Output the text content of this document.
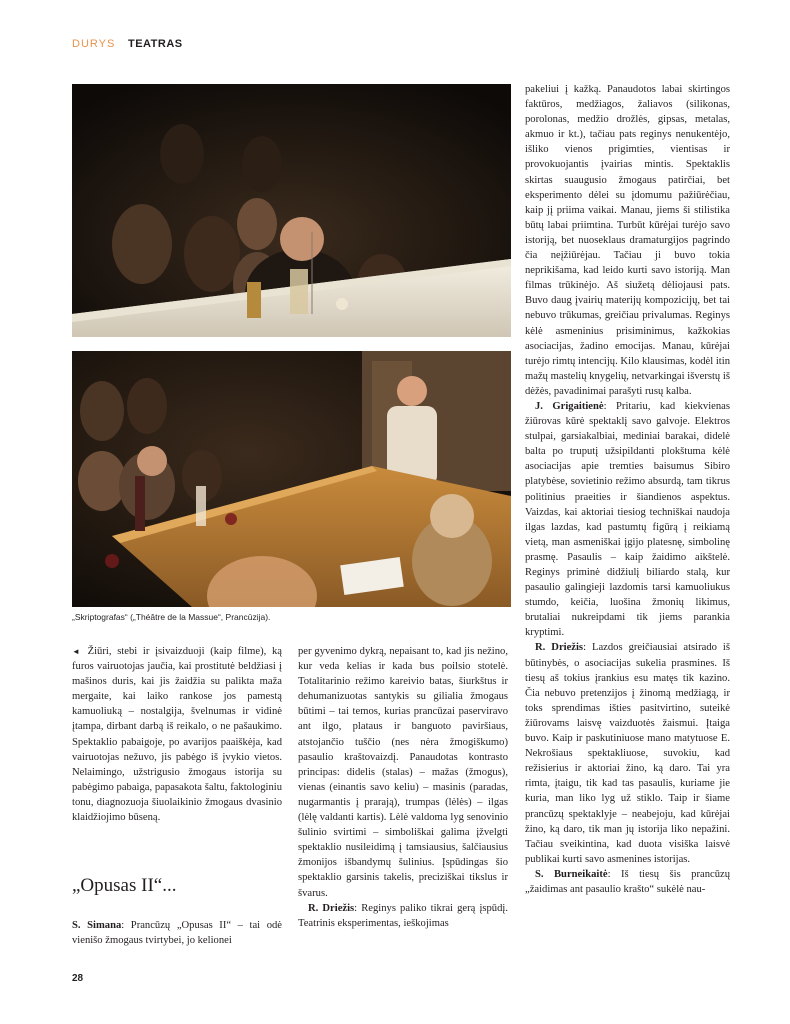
DURYS TEATRAS
„Skriptografas“ („Théâtre de la Massue“, Prancūzija).

◄ Žiūri, stebi ir įsivaizduoji (kaip filme), ką furos vairuotojas jaučia, kai prostitutė beldžiasi į mašinos duris, kai jis žaidžia su palikta maža mergaite, kai laiko rankose jos pamestą kamuoliuką – nostalgija, švelnumas ir vidinė įtampa, dirbant darbą iš reikalo, o ne pašaukimo. Spektaklio pabaigoje, po avarijos paaiškėja, kad vairuotojas nežuvo, jis pabėgo iš įvykio vietos. Nelaimingo, užstrigusio žmogaus istorija su pabėgimo pabaiga, papasakota šaltu, faktologiniu tonu, diagnozuoja šiuolaikinio žmogaus dvasinio klaidžiojimo būseną.

„Opusas II“...

S. Simana: Prancūzų „Opusas II“ – tai odė vienišo žmogaus tvirtybei, jo kelionei

per gyvenimo dykrą, nepaisant to, kad jis nežino, kur veda kelias ir kada bus poilsio stotelė. Totalitarinio režimo kareivio batas, šiurkštus ir dehumanizuotas santykis su gilialia žmogaus būtimi – tai temos, kurias prancūzai paserviravo ant ilgo, plataus ir banguoto paviršiaus, atstojančio tuščio (nes nėra žmogiškumo) pasaulio kraštovaizdį. Panaudotas kontrasto principas: didelis (stalas) – mažas (žmogus), vienas (einantis savo keliu) – masinis (paradas, nugarmantis į prarają), trumpas (lėlės) – ilgas (lėlę valdanti kartis). Lėlė valdoma lyg senovinio šulinio svirtimi – simboliškai galima įžvelgti spektaklio nusileidimą į tamsiausius, šalčiausius žmonijos išbandymų šulinius. Įspūdingas šio spektaklio garsinis takelis, preciziškai tikslus ir švarus.

R. Driežis: Reginys paliko tikrai gerą įspūdį. Teatrinis eksperimentas, ieškojimas

pakeliui į kažką. Panaudotos labai skirtingos faktūros, medžiagos, žaliavos (silikonas, porolonas, medžio drožlės, gipsas, metalas, akmuo ir kt.), tačiau pats reginys nenukentėjo, išliko vienos prigimties, vientisas ir provokuojantis įvairias mintis. Spektaklis skirtas suaugusio žmogaus patirčiai, bet eksperimento dėlei su įdomumu pažiūrėčiau, kaip jį priima vaikai. Manau, jiems ši stilistika būtų labai priimtina. Turbūt kūrėjai turėjo savo istoriją, bet nuoseklaus dramaturgijos pagrindo čia neįžiūrėjau. Tačiau ji buvo tokia neprikišama, kad leido kurti savo istoriją. Man filmas trūkinėjo. Aš siužetą dėliojausi pats. Buvo daug įvairių materijų kompozicijų, bet tai nebuvo trūkumas, greičiau privalumas. Reginys kėlė asmeninius prisiminimus, kažkokias asociacijas, žadino emocijas. Manau, kūrėjai turėjo rimtų intencijų. Kilo klausimas, kodėl itin mažų mastelių knygelių, netvarkingai išverstų iš dėžės, pavadinimai parašyti rusų kalba.

J. Grigaitienė: Pritariu, kad kiekvienas žiūrovas kūrė spektaklį savo galvoje. Elektros stulpai, garsiakalbiai, mediniai barakai, didelė balta po truputį užsipildanti plokštuma kėlė asociacijas apie tremties baisumus Sibiro platybėse, sovietinio režimo absurdą, tam tikrus politinius praeities ir šiandienos aspektus. Vaizdas, kai aktoriai tiesiog techniškai naudoja ilgas lazdas, kad pastumtų figūrą į reikiamą vietą, man asmeniškai įgijo platesnę, simbolinę prasmę. Pasaulis – kaip žaidimo aikštelė. Reginys priminė didžiulį biliardo stalą, kur pasaulio galingieji lazdomis tarsi kamuoliukus stumdo, keičia, luošina žmonių likimus, brutaliai nukreipdami tik jiems parankia kryptimi.

R. Driežis: Lazdos greičiausiai atsirado iš būtinybės, o asociacijas sukelia prasmines. Iš tiesų aš tokius įrankius esu matęs tik kazino. Čia nebuvo pretenzijos į žinomą medžiagą, ir toks sprendimas išties pasitvirtino, suteikė žiūrovams laisvę vaizduotės žaismui. Įtaiga buvo. Kaip ir paskutiniuose mano matytuose E. Nekrošiaus spektakliuose, suvokiu, kad režisierius ir aktoriai žino, ką daro. Tai yra rimta, įtaigu, tik kad tas pasaulis, kuriame jie kuria, man liko lyg už stiklo. Taip ir šiame prancūzų spektaklyje – neabejoju, kad kūrėjai žino, ką daro, tik man jų istorija liko nepažini. Tačiau sveikintina, kad duota visiška laisvė publikai kurti savo asmenines istorijas.

S. Burneikaitė: Iš tiesų šis prancūzų „žaidimas ant pasaulio krašto“ sukėlė nau-

28
